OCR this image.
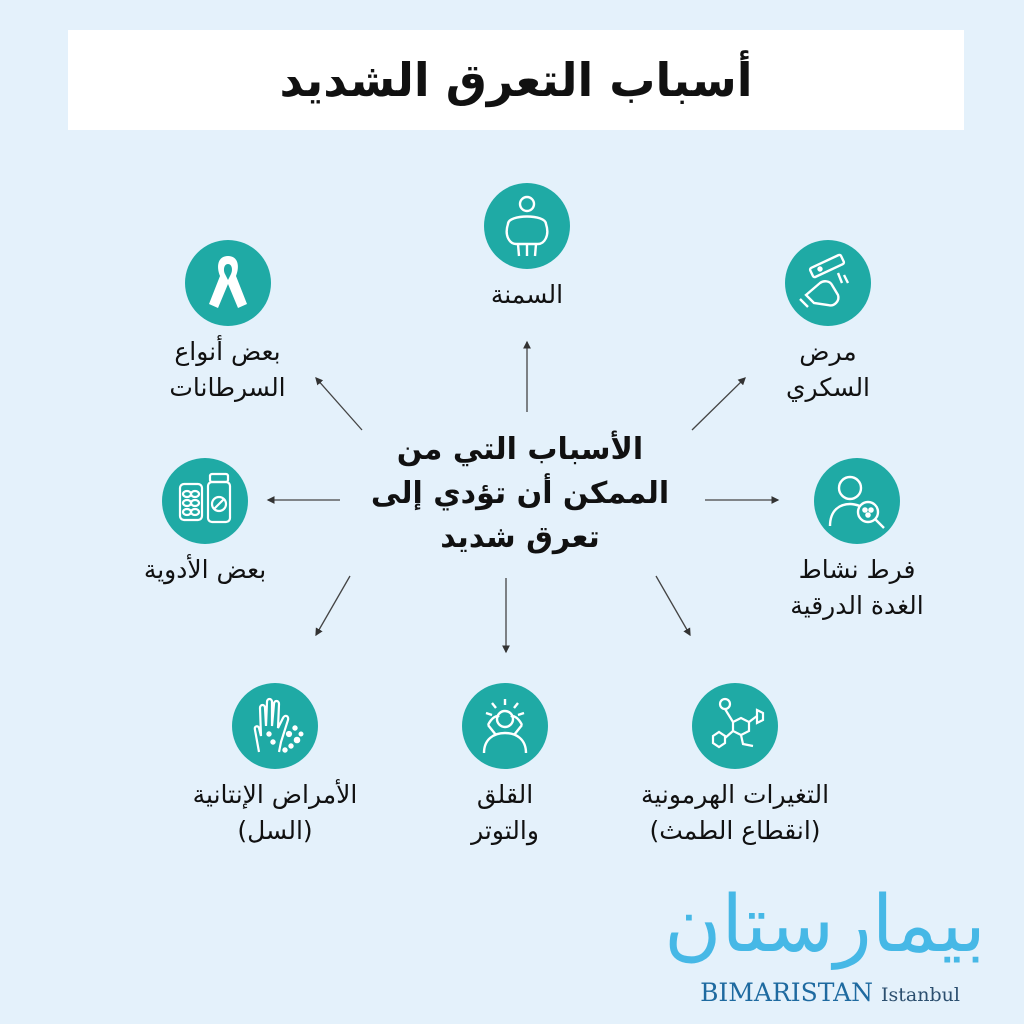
أسباب التعرق الشديد
الأسباب التي من
الممكن أن تؤدي إلى
تعرق شديد
السمنة
مرض
السكري
فرط نشاط
الغدة الدرقية
التغيرات الهرمونية
(انقطاع الطمث)
القلق
والتوتر
الأمراض الإنتانية
(السل)
بعض الأدوية
بعض أنواع
السرطانات
بيمارستان
BIMARISTAN Istanbul
